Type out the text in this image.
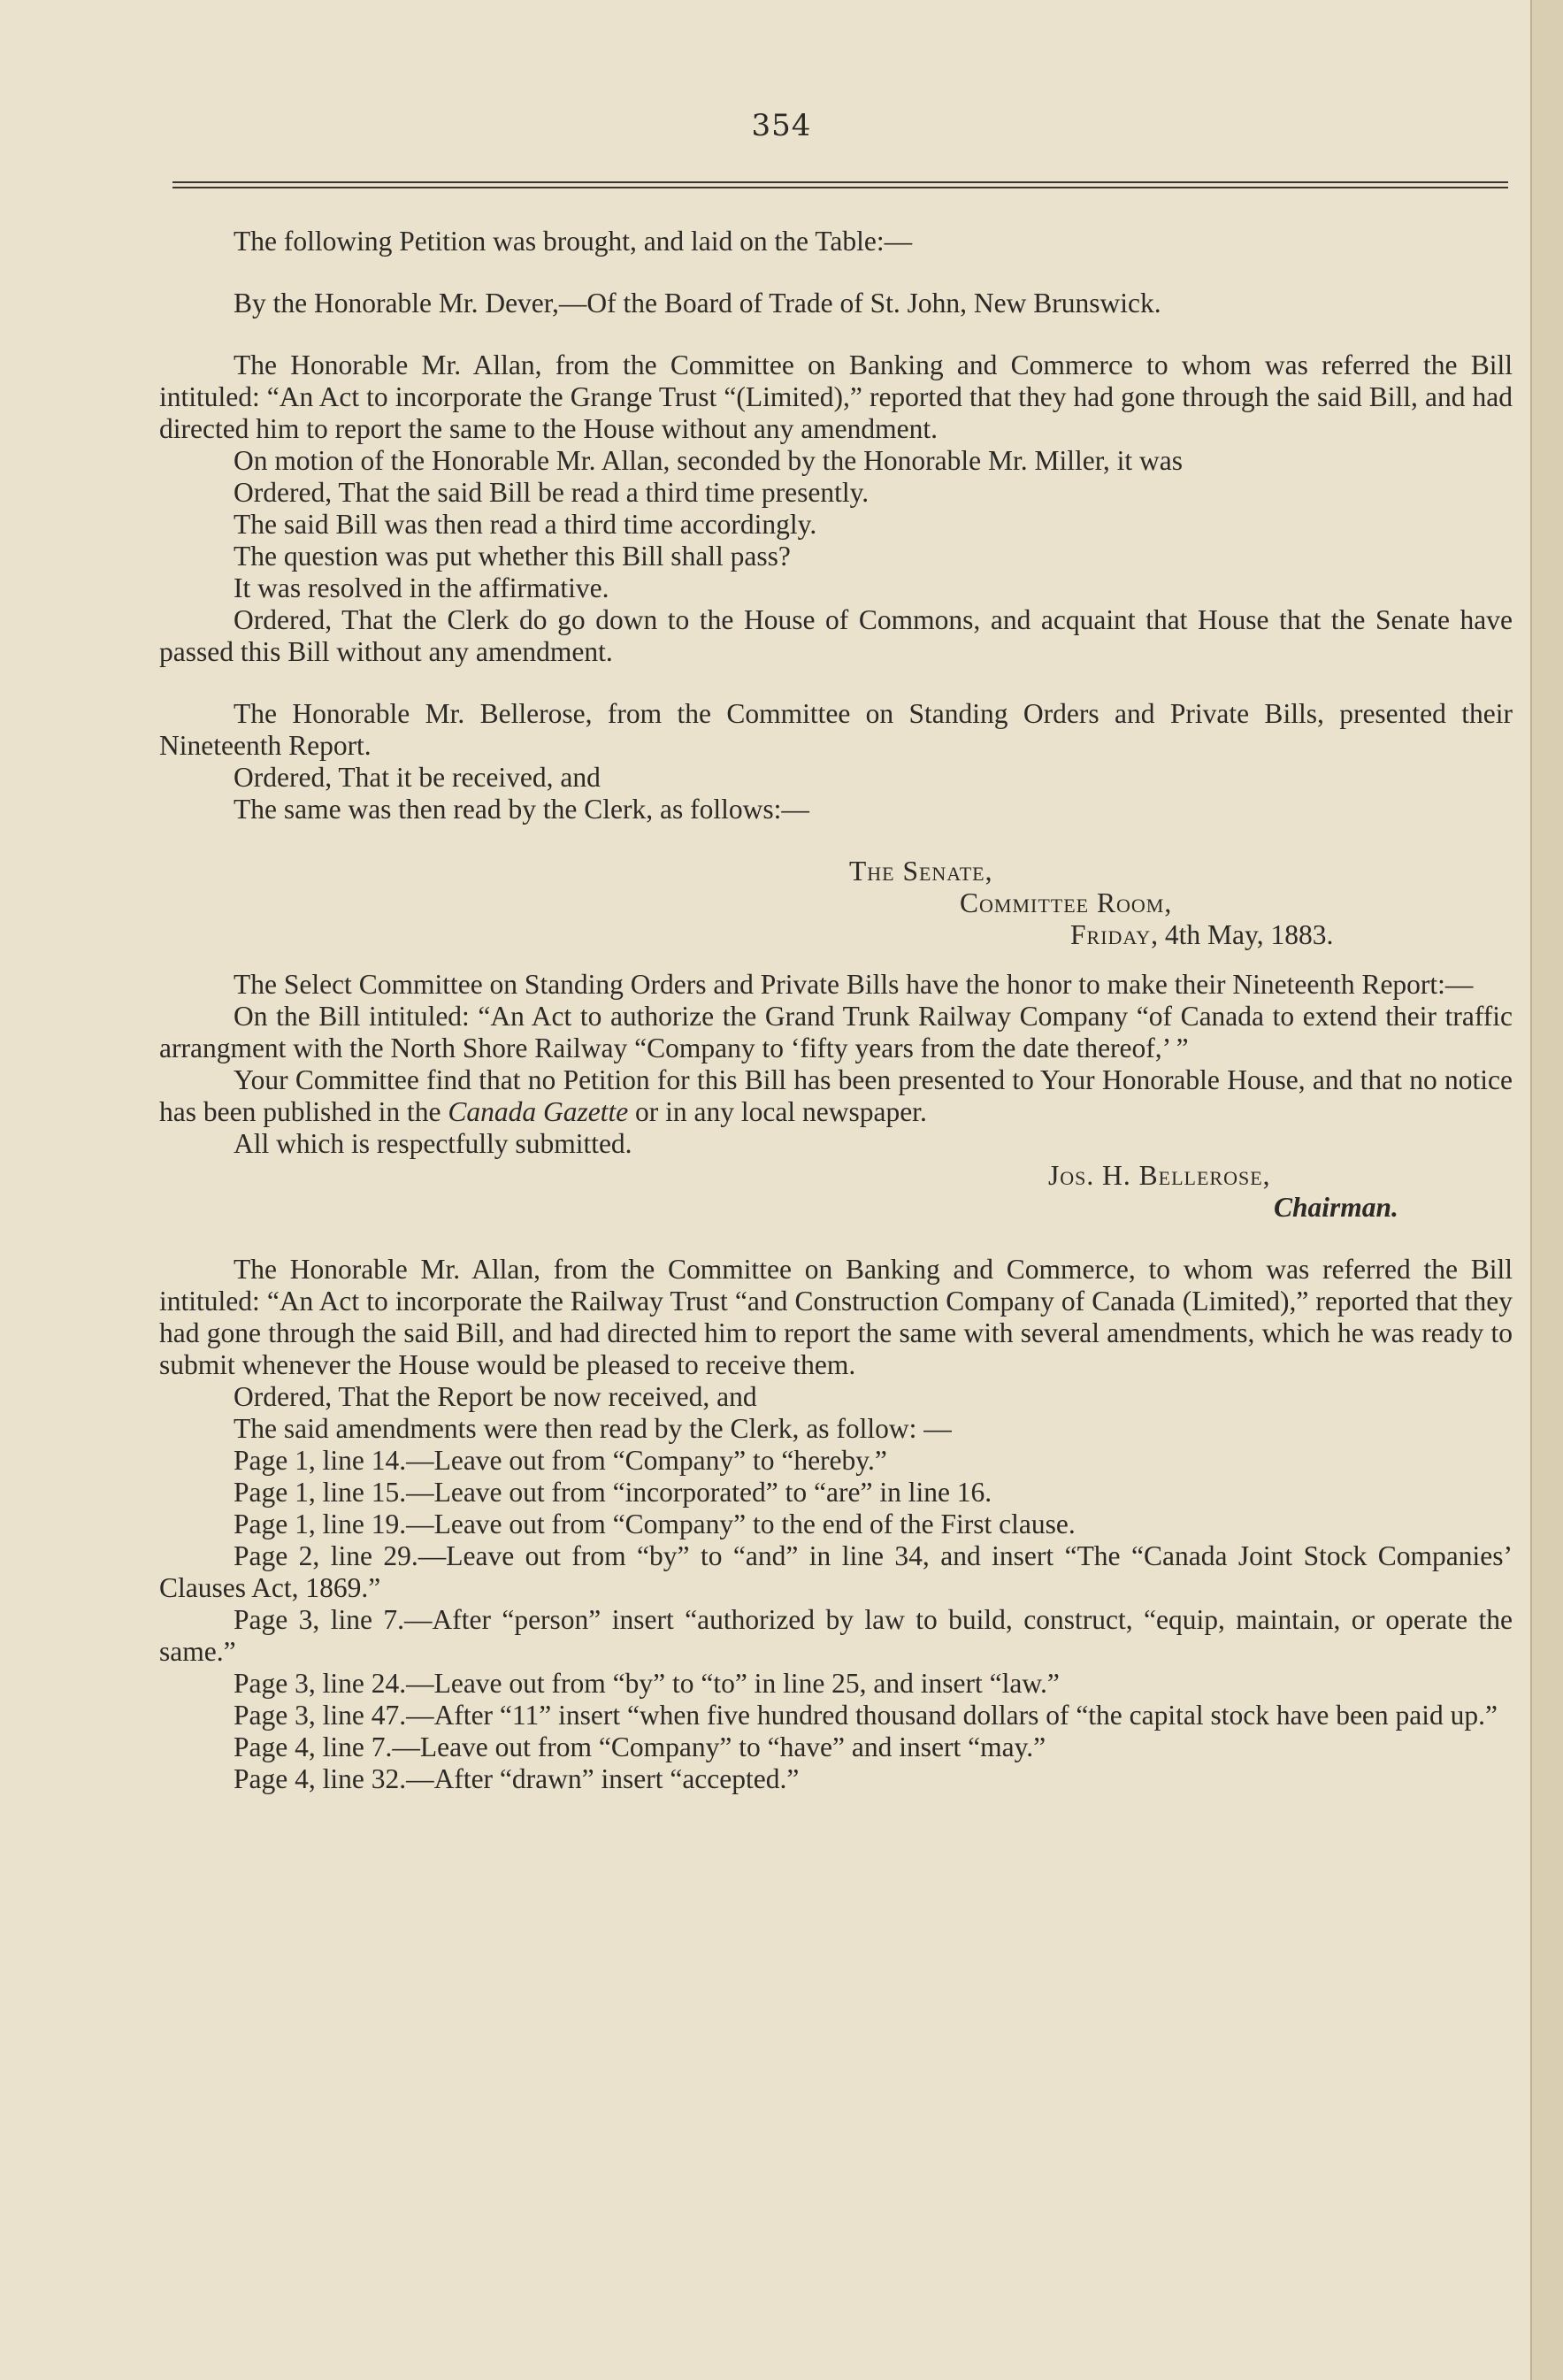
354

The following Petition was brought, and laid on the Table:—

By the Honorable Mr. Dever,—Of the Board of Trade of St. John, New Brunswick.

The Honorable Mr. Allan, from the Committee on Banking and Commerce to whom was referred the Bill intituled: “An Act to incorporate the Grange Trust “(Limited),” reported that they had gone through the said Bill, and had directed him to report the same to the House without any amendment.

On motion of the Honorable Mr. Allan, seconded by the Honorable Mr. Miller, it was

Ordered, That the said Bill be read a third time presently.

The said Bill was then read a third time accordingly.

The question was put whether this Bill shall pass?

It was resolved in the affirmative.

Ordered, That the Clerk do go down to the House of Commons, and acquaint that House that the Senate have passed this Bill without any amendment.

The Honorable Mr. Bellerose, from the Committee on Standing Orders and Private Bills, presented their Nineteenth Report.

Ordered, That it be received, and

The same was then read by the Clerk, as follows:—

The Senate,

Committee Room,

Friday, 4th May, 1883.

The Select Committee on Standing Orders and Private Bills have the honor to make their Nineteenth Report:—

On the Bill intituled: “An Act to authorize the Grand Trunk Railway Company “of Canada to extend their traffic arrangment with the North Shore Railway “Company to ‘fifty years from the date thereof,’ ”

Your Committee find that no Petition for this Bill has been presented to Your Honorable House, and that no notice has been published in the Canada Gazette or in any local newspaper.

All which is respectfully submitted.

Jos. H. Bellerose,

Chairman.

The Honorable Mr. Allan, from the Committee on Banking and Commerce, to whom was referred the Bill intituled: “An Act to incorporate the Railway Trust “and Construction Company of Canada (Limited),” reported that they had gone through the said Bill, and had directed him to report the same with several amendments, which he was ready to submit whenever the House would be pleased to receive them.

Ordered, That the Report be now received, and

The said amendments were then read by the Clerk, as follow: —

Page 1, line 14.—Leave out from “Company” to “hereby.”

Page 1, line 15.—Leave out from “incorporated” to “are” in line 16.

Page 1, line 19.—Leave out from “Company” to the end of the First clause.

Page 2, line 29.—Leave out from “by” to “and” in line 34, and insert “The “Canada Joint Stock Companies’ Clauses Act, 1869.”

Page 3, line 7.—After “person” insert “authorized by law to build, construct, “equip, maintain, or operate the same.”

Page 3, line 24.—Leave out from “by” to “to” in line 25, and insert “law.”

Page 3, line 47.—After “11” insert “when five hundred thousand dollars of “the capital stock have been paid up.”

Page 4, line 7.—Leave out from “Company” to “have” and insert “may.”

Page 4, line 32.—After “drawn” insert “accepted.”
